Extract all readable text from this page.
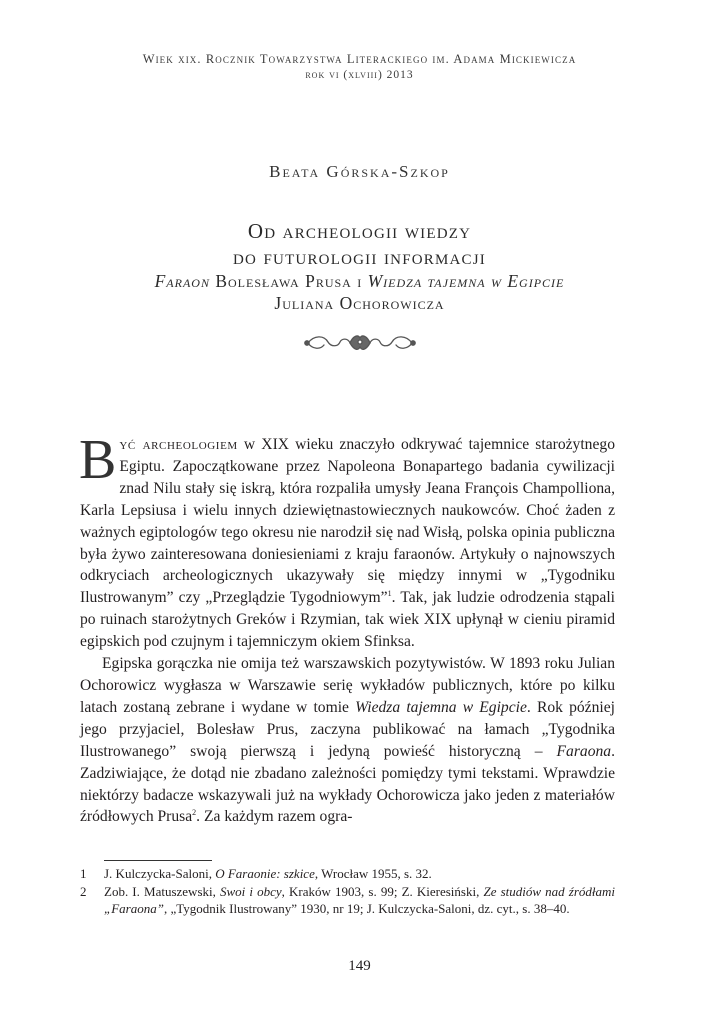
Wiek xix. Rocznik Towarzystwa Literackiego im. Adama Mickiewicza
rok vi (xlviii) 2013
Beata Górska-Szkop
Od archeologii wiedzy
do futurologii informacji
Faraon Bolesława Prusa i Wiedza tajemna w Egipcie
Juliana Ochorowicza

Być archeologiem w XIX wieku znaczyło odkrywać tajemnice starożytnego Egiptu. Zapoczątkowane przez Napoleona Bonapartego badania cywilizacji znad Nilu stały się iskrą, która rozpaliła umysły Jeana François Champolliona, Karla Lepsiusa i wielu innych dziewiętnastowiecznych naukowców. Choć żaden z ważnych egiptologów tego okresu nie narodził się nad Wisłą, polska opinia publiczna była żywo zainteresowana doniesieniami z kraju faraonów. Artykuły o najnowszych odkryciach archeologicznych ukazywały się między innymi w „Tygodniku Ilustrowanym” czy „Przeglądzie Tygodniowym”$^1$. Tak, jak ludzie odrodzenia stąpali po ruinach starożytnych Greków i Rzymian, tak wiek XIX upłynął w cieniu piramid egipskich pod czujnym i tajemniczym okiem Sfinksa.

Egipska gorączka nie omija też warszawskich pozytywistów. W 1893 roku Julian Ochorowicz wygłasza w Warszawie serię wykładów publicznych, które po kilku latach zostaną zebrane i wydane w tomie Wiedza tajemna w Egipcie. Rok później jego przyjaciel, Bolesław Prus, zaczyna publikować na łamach „Tygodnika Ilustrowanego” swoją pierwszą i jedyną powieść historyczną – Faraona. Zadziwiające, że dotąd nie zbadano zależności pomiędzy tymi tekstami. Wprawdzie niektórzy badacze wskazywali już na wykłady Ochorowicza jako jeden z materiałów źródłowych Prusa$^2$. Za każdym razem ogra-

1 J. Kulczycka-Saloni, O Faraonie: szkice, Wrocław 1955, s. 32.
2 Zob. I. Matuszewski, Swoi i obcy, Kraków 1903, s. 99; Z. Kieresiński, Ze studiów nad źródłami „Faraona”, „Tygodnik Ilustrowany” 1930, nr 19; J. Kulczycka-Saloni, dz. cyt., s. 38–40.
149
